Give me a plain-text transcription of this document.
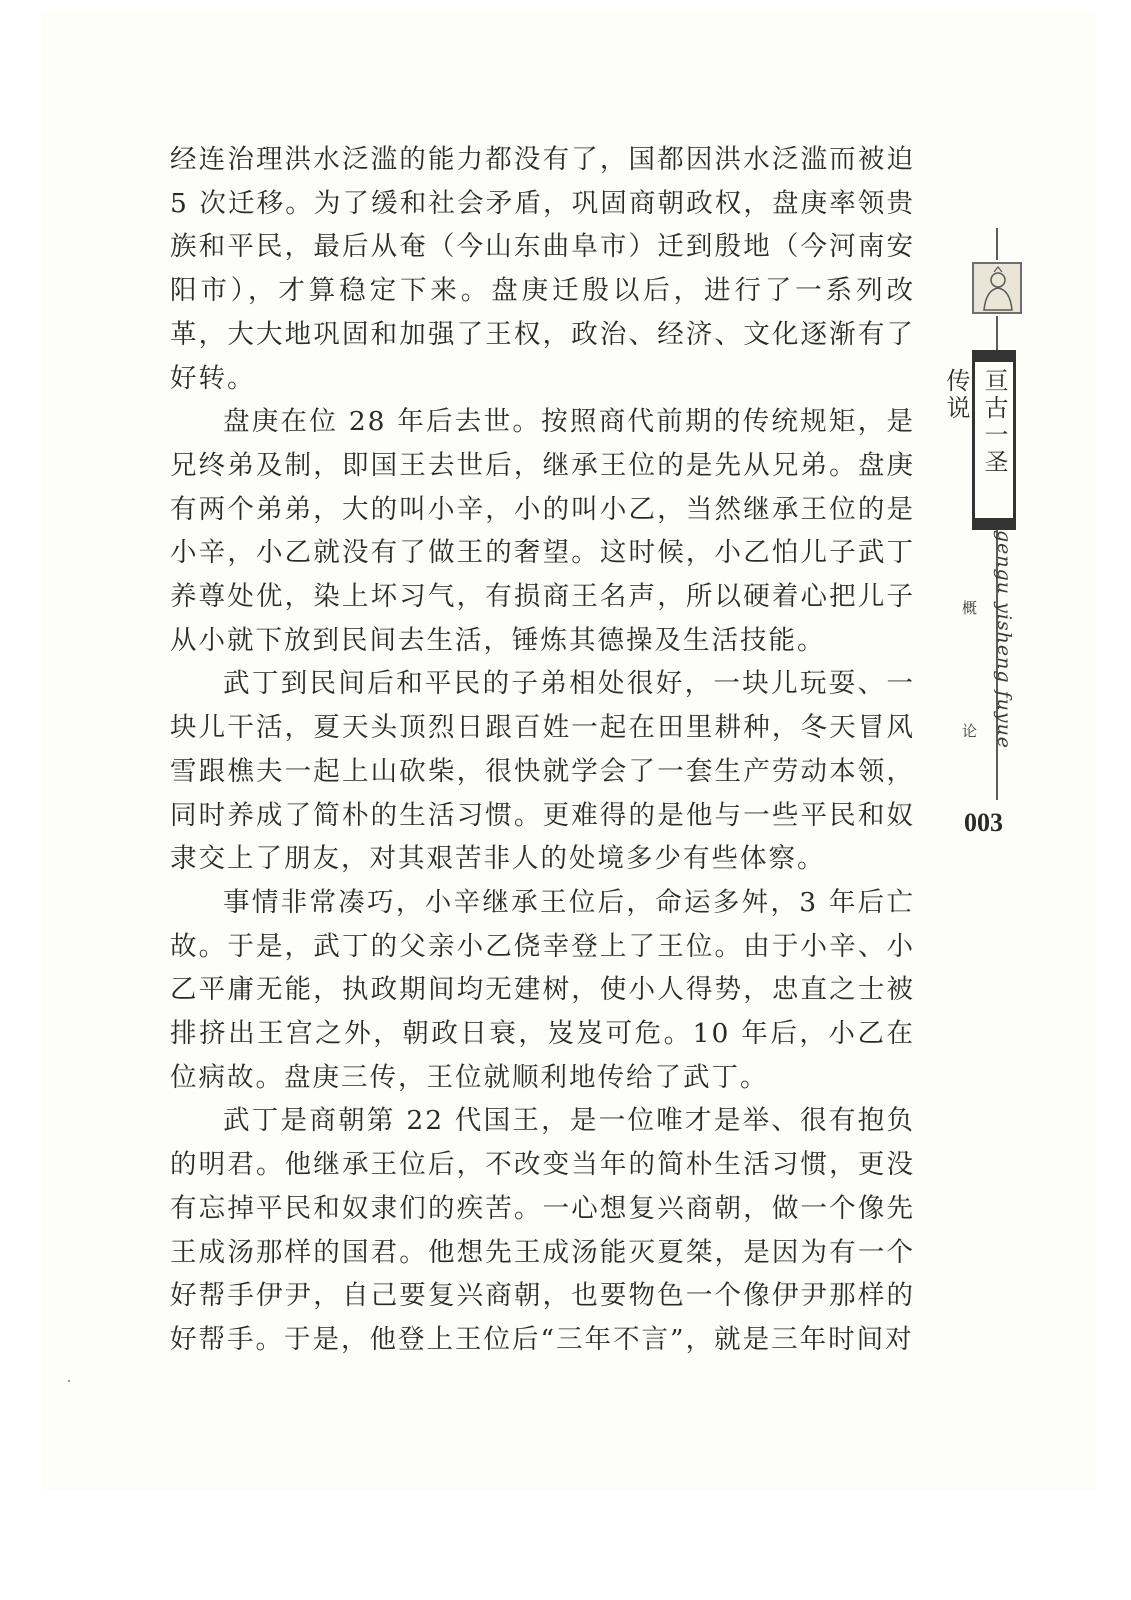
经连治理洪水泛滥的能力都没有了，国都因洪水泛滥而被迫5 次迁移。为了缓和社会矛盾，巩固商朝政权，盘庚率领贵族和平民，最后从奄（今山东曲阜市）迁到殷地（今河南安阳市），才算稳定下来。盘庚迁殷以后，进行了一系列改革，大大地巩固和加强了王权，政治、经济、文化逐渐有了好转。

盘庚在位 28 年后去世。按照商代前期的传统规矩，是兄终弟及制，即国王去世后，继承王位的是先从兄弟。盘庚有两个弟弟，大的叫小辛，小的叫小乙，当然继承王位的是小辛，小乙就没有了做王的奢望。这时候，小乙怕儿子武丁养尊处优，染上坏习气，有损商王名声，所以硬着心把儿子从小就下放到民间去生活，锤炼其德操及生活技能。

武丁到民间后和平民的子弟相处很好，一块儿玩耍、一块儿干活，夏天头顶烈日跟百姓一起在田里耕种，冬天冒风雪跟樵夫一起上山砍柴，很快就学会了一套生产劳动本领，同时养成了简朴的生活习惯。更难得的是他与一些平民和奴隶交上了朋友，对其艰苦非人的处境多少有些体察。

事情非常凑巧，小辛继承王位后，命运多舛，3 年后亡故。于是，武丁的父亲小乙侥幸登上了王位。由于小辛、小乙平庸无能，执政期间均无建树，使小人得势，忠直之士被排挤出王宫之外，朝政日衰，岌岌可危。10 年后，小乙在位病故。盘庚三传，王位就顺利地传给了武丁。

武丁是商朝第 22 代国王，是一位唯才是举、很有抱负的明君。他继承王位后，不改变当年的简朴生活习惯，更没有忘掉平民和奴隶们的疾苦。一心想复兴商朝，做一个像先王成汤那样的国君。他想先王成汤能灭夏桀，是因为有一个好帮手伊尹，自己要复兴商朝，也要物色一个像伊尹那样的好帮手。于是，他登上王位后“三年不言”，就是三年时间对

亘古一圣 传说
gengu yisheng fuyue
概
论
003
